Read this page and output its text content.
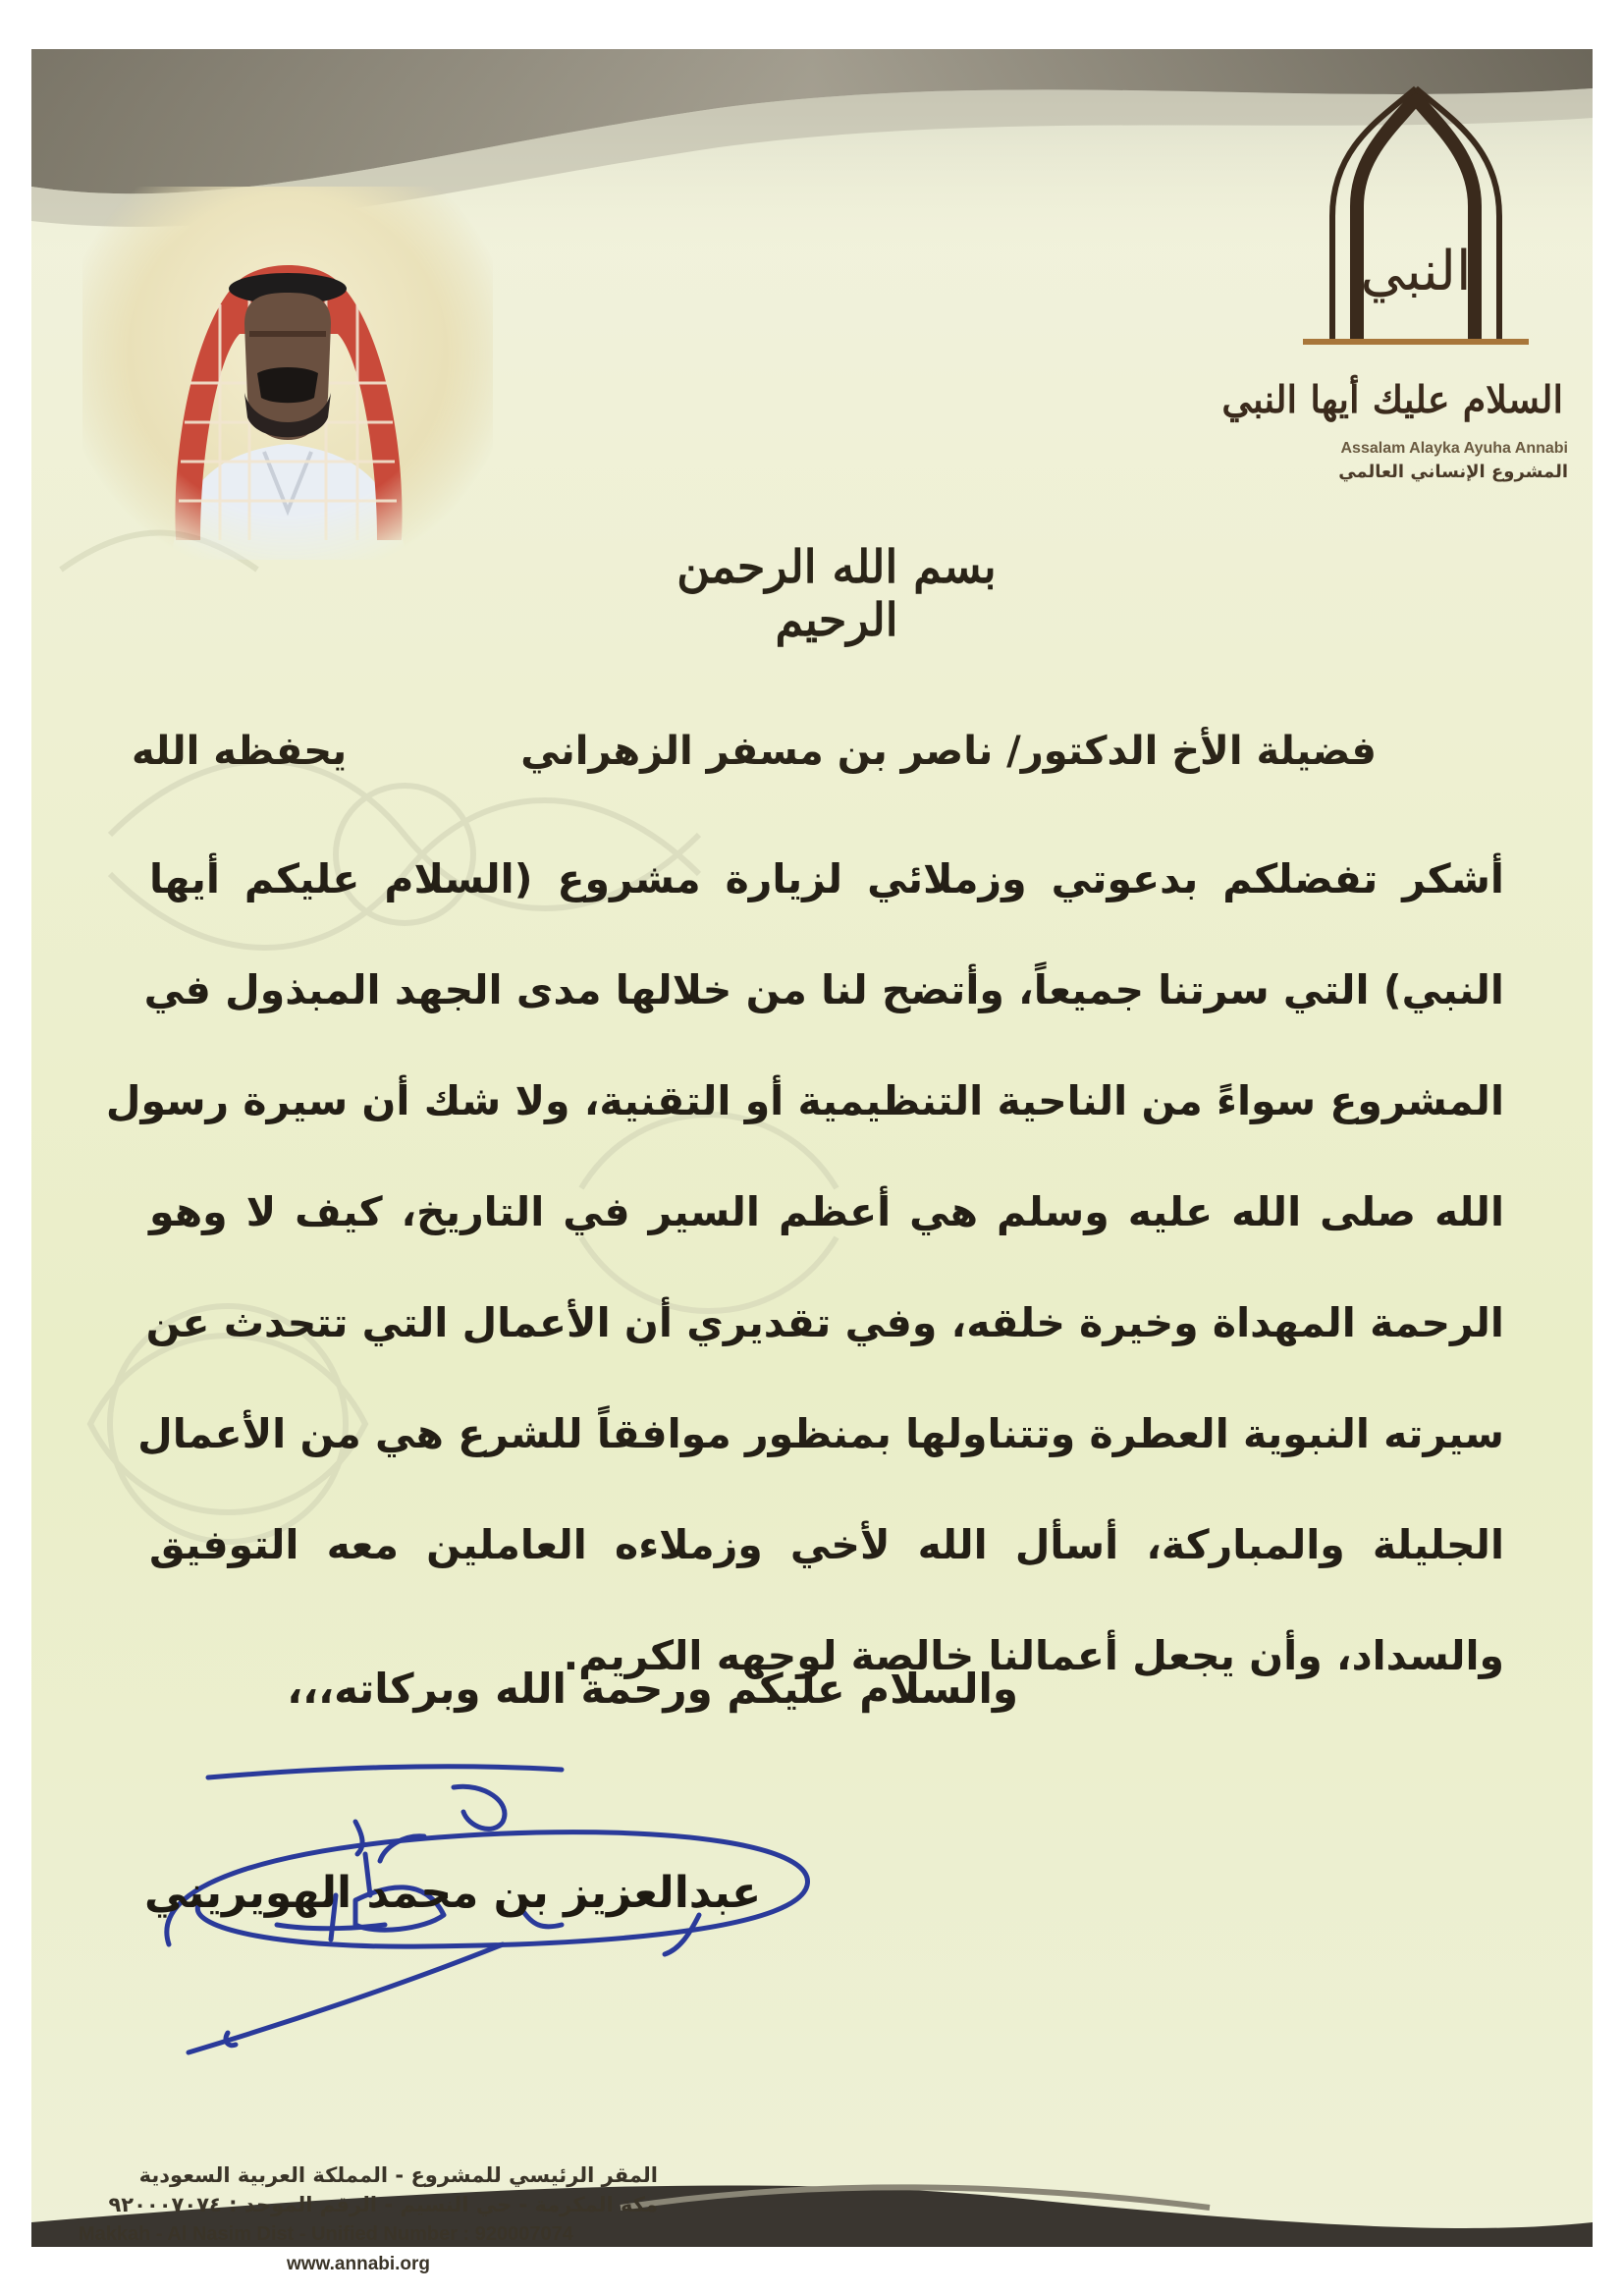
النبي
السلام عليك أيها النبي
Assalam Alayka Ayuha Annabi
المشروع الإنساني العالمي
بسم الله الرحمن الرحيم
فضيلة الأخ الدكتور/ ناصر بن مسفر الزهراني
يحفظه الله
أشكر تفضلكم بدعوتي وزملائي لزيارة مشروع (السلام عليكم أيها
النبي) التي سرتنا جميعاً، وأتضح لنا من خلالها مدى الجهد المبذول في
المشروع سواءً من الناحية التنظيمية أو التقنية، ولا شك أن سيرة رسول
الله صلى الله عليه وسلم هي أعظم السير في التاريخ، كيف لا وهو
الرحمة المهداة وخيرة خلقه، وفي تقديري أن الأعمال التي تتحدث عن
سيرته النبوية العطرة وتتناولها بمنظور موافقاً للشرع هي من الأعمال
الجليلة والمباركة، أسأل الله لأخي وزملاءه العاملين معه التوفيق
والسداد، وأن يجعل أعمالنا خالصة لوجهه الكريم.
والسلام عليكم ورحمة الله وبركاته،،،
أخوكم
عبدالعزيز بن محمد الهويريني
المقر الرئيسي للمشروع - المملكة العربية السعودية
مكة المكرمة - حي النسيم - الرقم الموحد : ٩٢٠٠٠٧٠٧٤
Makkah - Al Nasim Dist - Unified Number : 920007074
www.annabi.org
